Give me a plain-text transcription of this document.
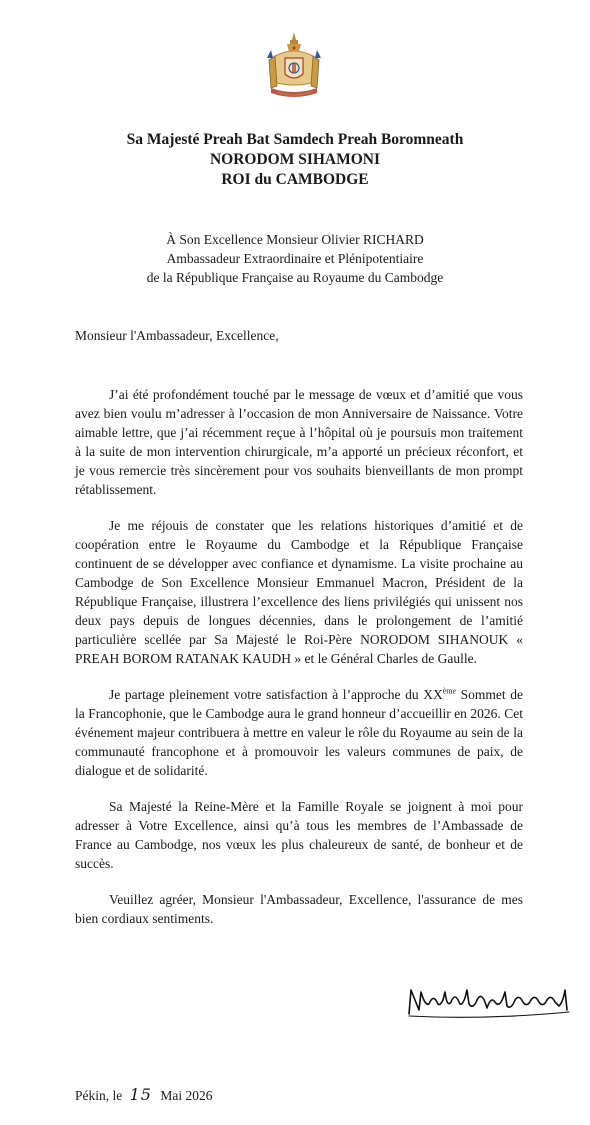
Sa Majesté Preah Bat Samdech Preah Boromneath
NORODOM SIHAMONI
ROI du CAMBODGE
À Son Excellence Monsieur Olivier RICHARD
Ambassadeur Extraordinaire et Plénipotentiaire
de la République Française au Royaume du Cambodge
Monsieur l'Ambassadeur, Excellence,

J’ai été profondément touché par le message de vœux et d’amitié que vous avez bien voulu m’adresser à l’occasion de mon Anniversaire de Naissance. Votre aimable lettre, que j’ai récemment reçue à l’hôpital où je poursuis mon traitement à la suite de mon intervention chirurgicale, m’a apporté un précieux réconfort, et je vous remercie très sincèrement pour vos souhaits bienveillants de mon prompt rétablissement.

Je me réjouis de constater que les relations historiques d’amitié et de coopération entre le Royaume du Cambodge et la République Française continuent de se développer avec confiance et dynamisme. La visite prochaine au Cambodge de Son Excellence Monsieur Emmanuel Macron, Président de la République Française, illustrera l’excellence des liens privilégiés qui unissent nos deux pays depuis de longues décennies, dans le prolongement de l’amitié particulière scellée par Sa Majesté le Roi-Père NORODOM SIHANOUK « PREAH BOROM RATANAK KAUDH » et le Général Charles de Gaulle.

Je partage pleinement votre satisfaction à l’approche du XXème Sommet de la Francophonie, que le Cambodge aura le grand honneur d’accueillir en 2026. Cet événement majeur contribuera à mettre en valeur le rôle du Royaume au sein de la communauté francophone et à promouvoir les valeurs communes de paix, de dialogue et de solidarité.

Sa Majesté la Reine-Mère et la Famille Royale se joignent à moi pour adresser à Votre Excellence, ainsi qu’à tous les membres de l’Ambassade de France au Cambodge, nos vœux les plus chaleureux de santé, de bonheur et de succès.

Veuillez agréer, Monsieur l'Ambassadeur, Excellence, l'assurance de mes bien cordiaux sentiments.

Pékin, le 15 Mai 2026
